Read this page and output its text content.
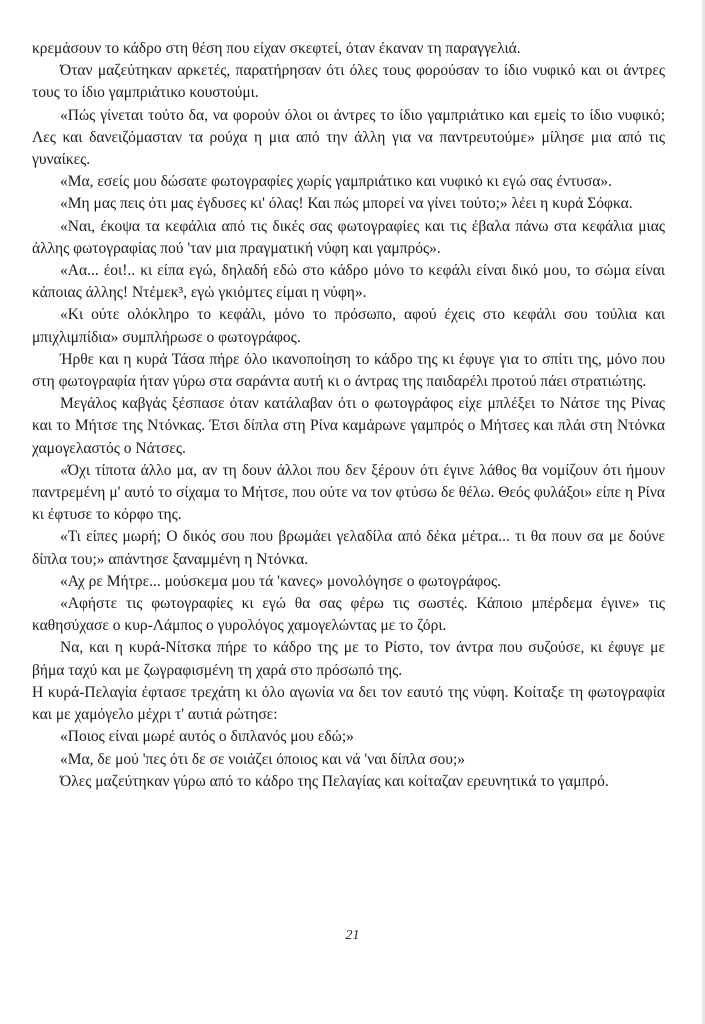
κρεμάσουν το κάδρο στη θέση που είχαν σκεφτεί, όταν έκαναν τη παραγγελιά.

Όταν μαζεύτηκαν αρκετές, παρατήρησαν ότι όλες τους φορούσαν το ίδιο νυφικό και οι άντρες τους το ίδιο γαμπριάτικο κουστούμι.

«Πώς γίνεται τούτο δα, να φορούν όλοι οι άντρες το ίδιο γαμπριάτικο και εμείς το ίδιο νυφικό; Λες και δανειζόμασταν τα ρούχα η μια από την άλλη για να παντρευτούμε» μίλησε μια από τις γυναίκες.

«Μα, εσείς μου δώσατε φωτογραφίες χωρίς γαμπριάτικο και νυφικό κι εγώ σας έντυσα».

«Μη μας πεις ότι μας έγδυσες κι' όλας! Και πώς μπορεί να γίνει τούτο;» λέει η κυρά Σόφκα.

«Ναι, έκοψα τα κεφάλια από τις δικές σας φωτογραφίες και τις έβαλα πάνω στα κεφάλια μιας άλλης φωτογραφίας πού 'ταν μια πραγματική νύφη και γαμπρός».

«Αα... έοι!.. κι είπα εγώ, δηλαδή εδώ στο κάδρο μόνο το κεφάλι είναι δικό μου, το σώμα είναι κάποιας άλλης! Ντέμεκ³, εγώ γκιόμτες είμαι η νύφη».

«Κι ούτε ολόκληρο το κεφάλι, μόνο το πρόσωπο, αφού έχεις στο κεφάλι σου τούλια και μπιχλιμπίδια» συμπλήρωσε ο φωτογράφος.

Ήρθε και η κυρά Τάσα πήρε όλο ικανοποίηση το κάδρο της κι έφυγε για το σπίτι της, μόνο που στη φωτογραφία ήταν γύρω στα σαράντα αυτή κι ο άντρας της παιδαρέλι προτού πάει στρατιώτης.

Μεγάλος καβγάς ξέσπασε όταν κατάλαβαν ότι ο φωτογράφος είχε μπλέξει το Νάτσε της Ρίνας και το Μήτσε της Ντόνκας. Έτσι δίπλα στη Ρίνα καμάρωνε γαμπρός ο Μήτσες και πλάι στη Ντόνκα χαμογελαστός ο Νάτσες.

«Όχι τίποτα άλλο μα, αν τη δουν άλλοι που δεν ξέρουν ότι έγινε λάθος θα νομίζουν ότι ήμουν παντρεμένη μ' αυτό το σίχαμα το Μήτσε, που ούτε να τον φτύσω δε θέλω. Θεός φυλάξοι» είπε η Ρίνα κι έφτυσε το κόρφο της.

«Τι είπες μωρή; Ο δικός σου που βρωμάει γελαδίλα από δέκα μέτρα... τι θα πουν σα με δούνε δίπλα του;» απάντησε ξαναμμένη η Ντόνκα.

«Αχ ρε Μήτρε... μούσκεμα μου τά 'κανες» μονολόγησε ο φωτογράφος.

«Αφήστε τις φωτογραφίες κι εγώ θα σας φέρω τις σωστές. Κάποιο μπέρδεμα έγινε» τις καθησύχασε ο κυρ-Λάμπος ο γυρολόγος χαμογελώντας με το ζόρι.

Να, και η κυρά-Νίτσκα πήρε το κάδρο της με το Ρίστο, τον άντρα που συζούσε, κι έφυγε με βήμα ταχύ και με ζωγραφισμένη τη χαρά στο πρόσωπό της.

Η κυρά-Πελαγία έφτασε τρεχάτη κι όλο αγωνία να δει τον εαυτό της νύφη. Κοίταξε τη φωτογραφία και με χαμόγελο μέχρι τ' αυτιά ρώτησε:

«Ποιος είναι μωρέ αυτός ο διπλανός μου εδώ;»

«Μα, δε μού 'πες ότι δε σε νοιάζει όποιος και νά 'ναι δίπλα σου;»

Όλες μαζεύτηκαν γύρω από το κάδρο της Πελαγίας και κοίταζαν ερευνητικά το γαμπρό.

21
